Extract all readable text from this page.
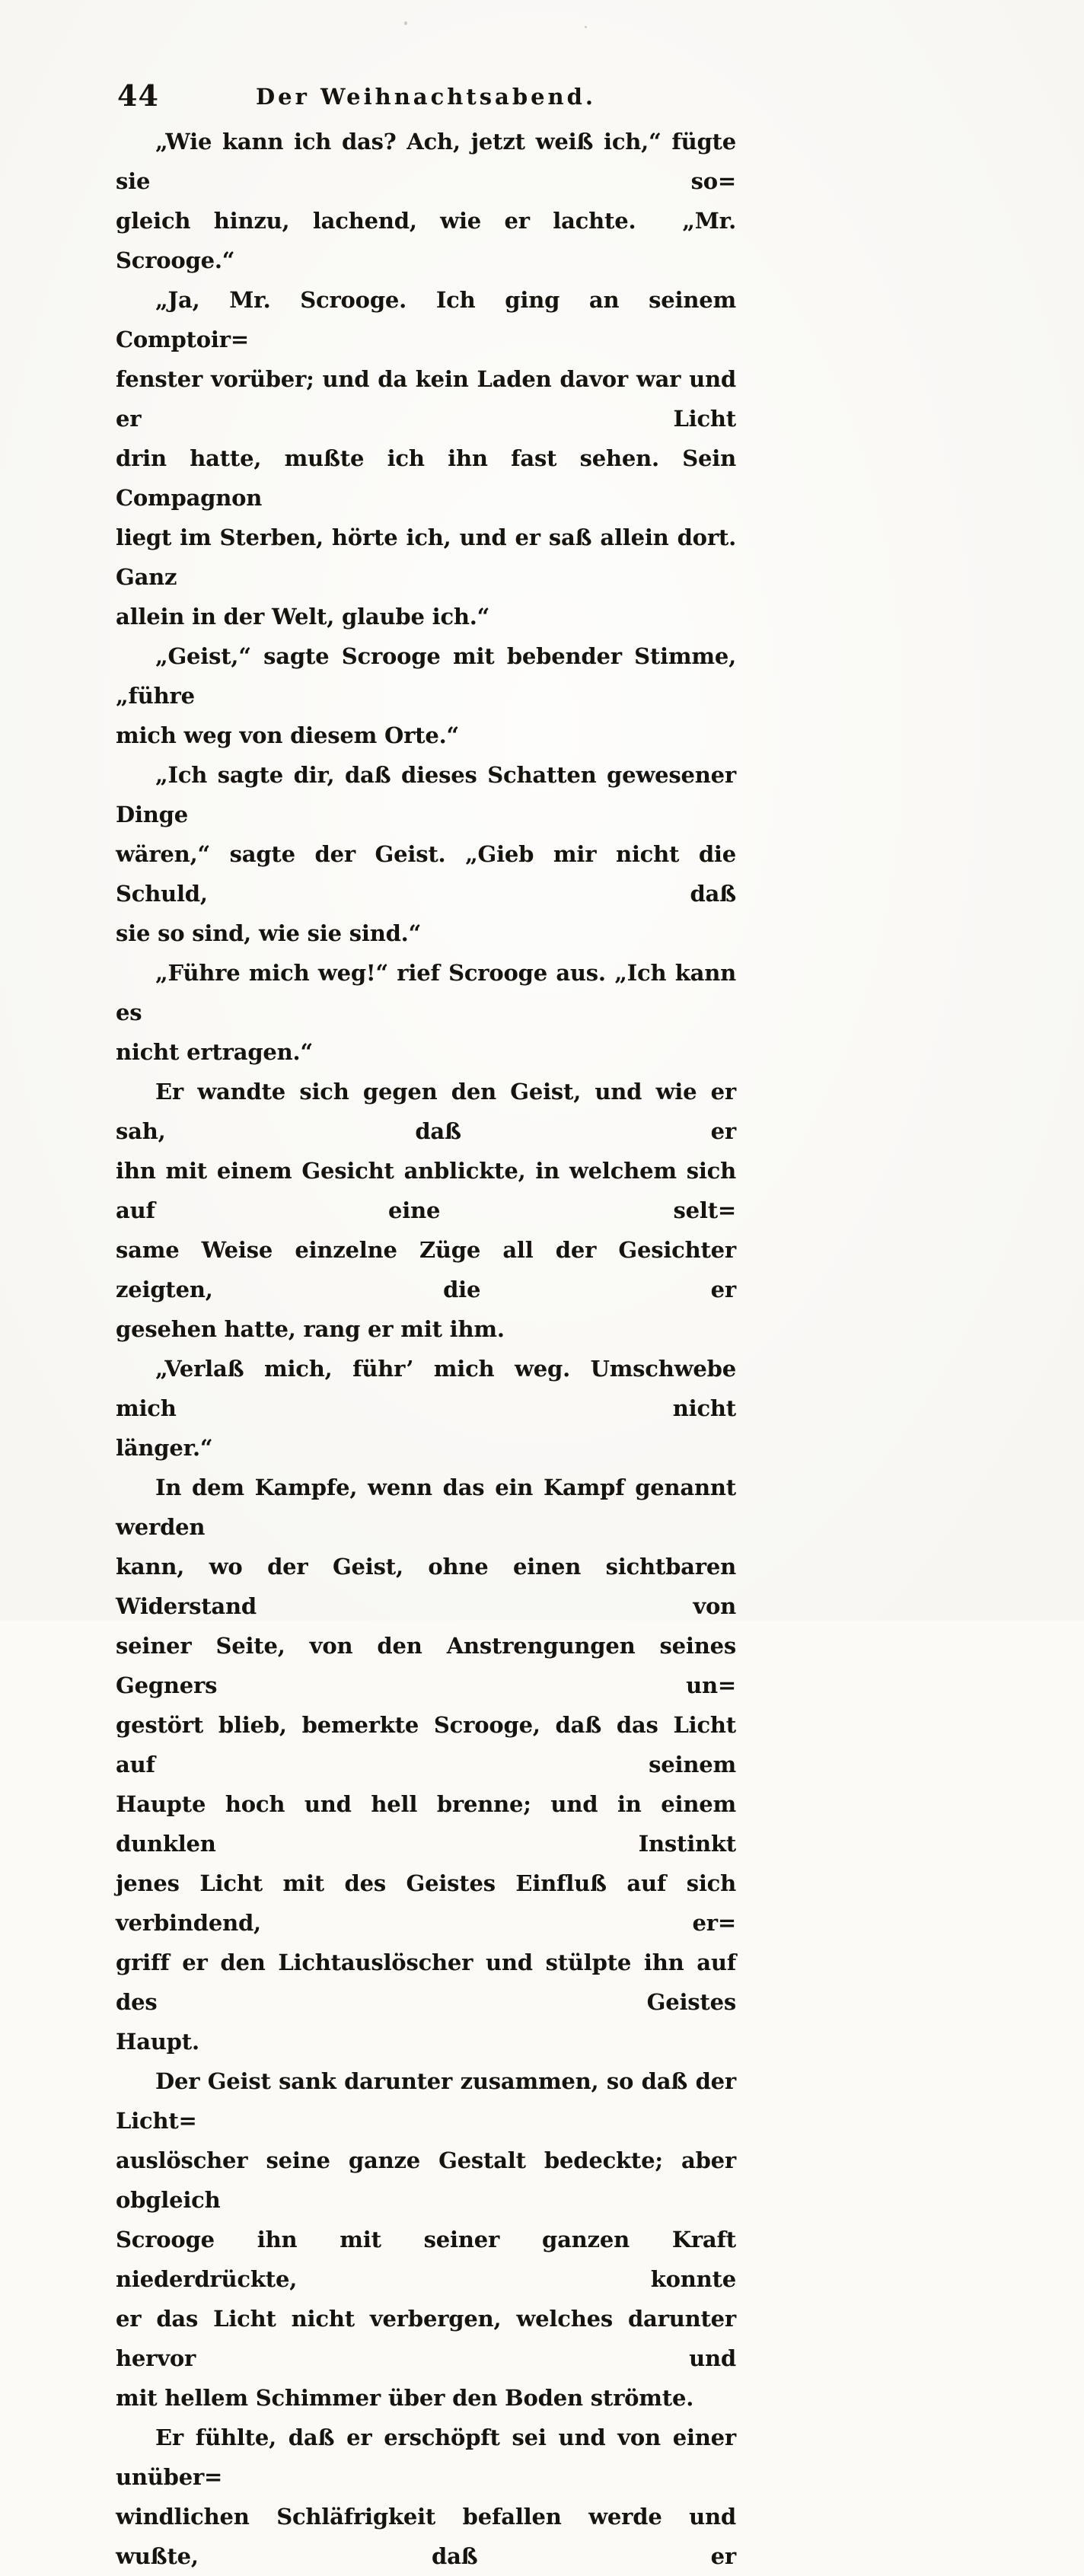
44	Der Weihnachtsabend.
„Wie kann ich das? Ach, jetzt weiß ich,“ fügte sie so=
gleich hinzu, lachend, wie er lachte.  „Mr. Scrooge.“
„Ja, Mr. Scrooge. Ich ging an seinem Comptoir=
fenster vorüber; und da kein Laden davor war und er Licht
drin hatte, mußte ich ihn fast sehen. Sein Compagnon
liegt im Sterben, hörte ich, und er saß allein dort. Ganz
allein in der Welt, glaube ich.“
„Geist,“ sagte Scrooge mit bebender Stimme, „führe
mich weg von diesem Orte.“
„Ich sagte dir, daß dieses Schatten gewesener Dinge
wären,“ sagte der Geist. „Gieb mir nicht die Schuld, daß
sie so sind, wie sie sind.“
„Führe mich weg!“ rief Scrooge aus. „Ich kann es
nicht ertragen.“
Er wandte sich gegen den Geist, und wie er sah, daß er
ihn mit einem Gesicht anblickte, in welchem sich auf eine selt=
same Weise einzelne Züge all der Gesichter zeigten, die er
gesehen hatte, rang er mit ihm.
„Verlaß mich, führ’ mich weg. Umschwebe mich nicht
länger.“
In dem Kampfe, wenn das ein Kampf genannt werden
kann, wo der Geist, ohne einen sichtbaren Widerstand von
seiner Seite, von den Anstrengungen seines Gegners un=
gestört blieb, bemerkte Scrooge, daß das Licht auf seinem
Haupte hoch und hell brenne; und in einem dunklen Instinkt
jenes Licht mit des Geistes Einfluß auf sich verbindend, er=
griff er den Lichtauslöscher und stülpte ihn auf des Geistes
Haupt.
Der Geist sank darunter zusammen, so daß der Licht=
auslöscher seine ganze Gestalt bedeckte; aber obgleich
Scrooge ihn mit seiner ganzen Kraft niederdrückte, konnte
er das Licht nicht verbergen, welches darunter hervor und
mit hellem Schimmer über den Boden strömte.
Er fühlte, daß er erschöpft sei und von einer unüber=
windlichen Schläfrigkeit befallen werde und wußte, daß er
